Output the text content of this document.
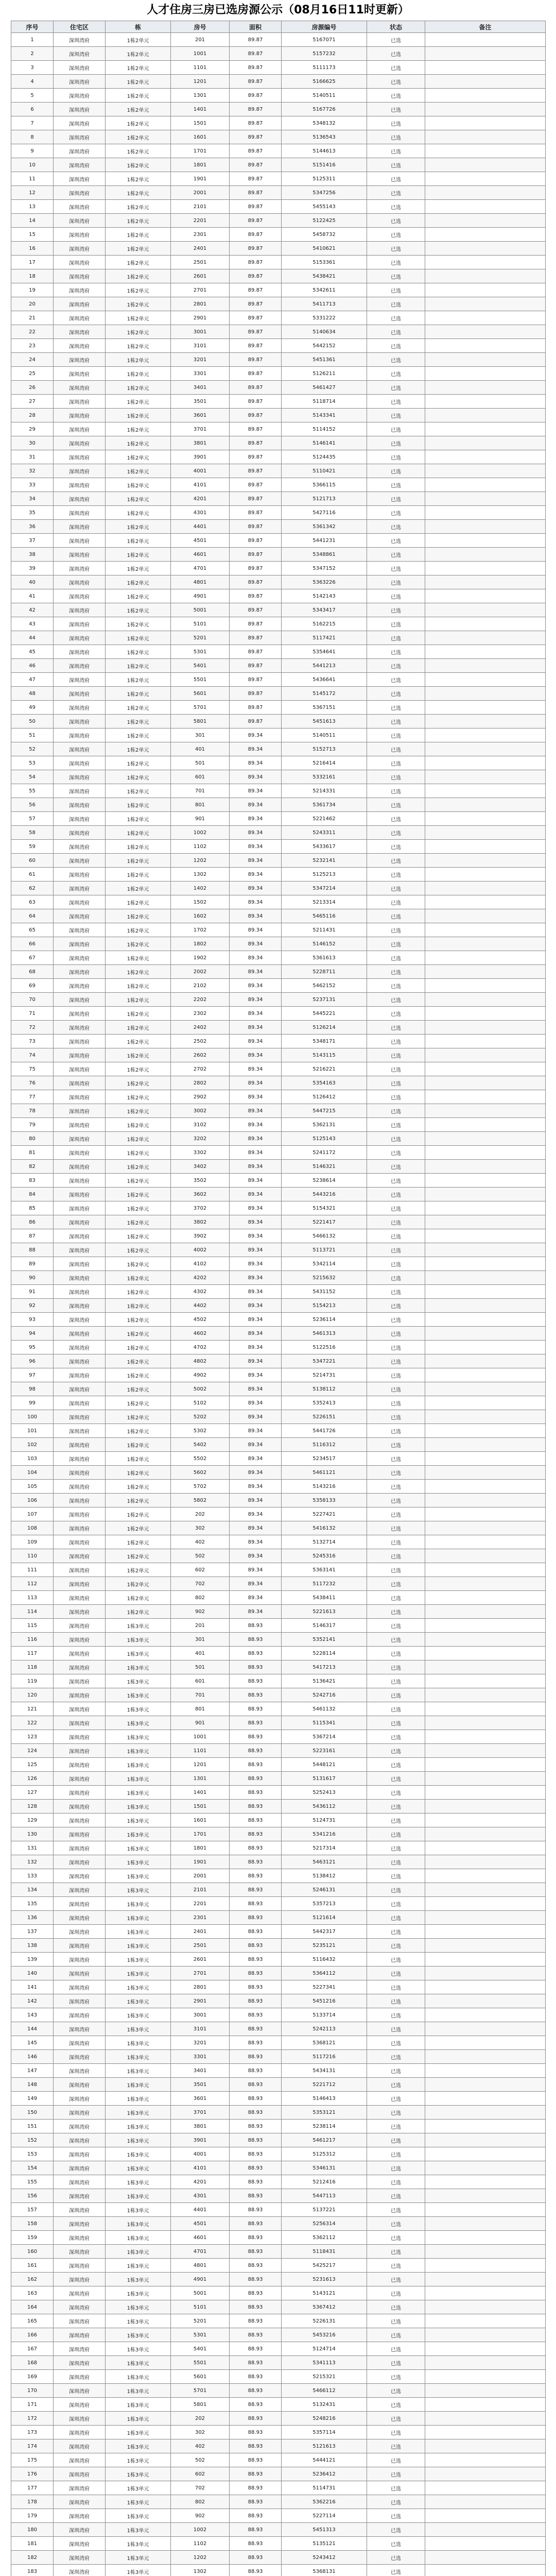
人才住房三房已选房源公示（08月16日11时更新）
序号	住宅区	栋	房号	面积	房源编号	状态	备注
1	深圳湾府	1栋2单元	201	89.87	5167071	已选	
2	深圳湾府	1栋2单元	1001	89.87	5157232	已选	
3	深圳湾府	1栋2单元	1101	89.87	5111173	已选	
4	深圳湾府	1栋2单元	1201	89.87	5166625	已选	
5	深圳湾府	1栋2单元	1301	89.87	5140511	已选	
6	深圳湾府	1栋2单元	1401	89.87	5167726	已选	
7	深圳湾府	1栋2单元	1501	89.87	5348132	已选	
8	深圳湾府	1栋2单元	1601	89.87	5136543	已选	
9	深圳湾府	1栋2单元	1701	89.87	5144613	已选	
10	深圳湾府	1栋2单元	1801	89.87	5151416	已选	
11	深圳湾府	1栋2单元	1901	89.87	5125311	已选	
12	深圳湾府	1栋2单元	2001	89.87	5347256	已选	
13	深圳湾府	1栋2单元	2101	89.87	5455143	已选	
14	深圳湾府	1栋2单元	2201	89.87	5122425	已选	
15	深圳湾府	1栋2单元	2301	89.87	5458732	已选	
16	深圳湾府	1栋2单元	2401	89.87	5410621	已选	
17	深圳湾府	1栋2单元	2501	89.87	5153361	已选	
18	深圳湾府	1栋2单元	2601	89.87	5438421	已选	
19	深圳湾府	1栋2单元	2701	89.87	5342611	已选	
20	深圳湾府	1栋2单元	2801	89.87	5411713	已选	
21	深圳湾府	1栋2单元	2901	89.87	5331222	已选	
22	深圳湾府	1栋2单元	3001	89.87	5140634	已选	
23	深圳湾府	1栋2单元	3101	89.87	5442152	已选	
24	深圳湾府	1栋2单元	3201	89.87	5451361	已选	
25	深圳湾府	1栋2单元	3301	89.87	5126211	已选	
26	深圳湾府	1栋2单元	3401	89.87	5461427	已选	
27	深圳湾府	1栋2单元	3501	89.87	5118714	已选	
28	深圳湾府	1栋2单元	3601	89.87	5143341	已选	
29	深圳湾府	1栋2单元	3701	89.87	5114152	已选	
30	深圳湾府	1栋2单元	3801	89.87	5146141	已选	
31	深圳湾府	1栋2单元	3901	89.87	5124435	已选	
32	深圳湾府	1栋2单元	4001	89.87	5110421	已选	
33	深圳湾府	1栋2单元	4101	89.87	5366115	已选	
34	深圳湾府	1栋2单元	4201	89.87	5121713	已选	
35	深圳湾府	1栋2单元	4301	89.87	5427116	已选	
36	深圳湾府	1栋2单元	4401	89.87	5361342	已选	
37	深圳湾府	1栋2单元	4501	89.87	5441231	已选	
38	深圳湾府	1栋2单元	4601	89.87	5348861	已选	
39	深圳湾府	1栋2单元	4701	89.87	5347152	已选	
40	深圳湾府	1栋2单元	4801	89.87	5363226	已选	
41	深圳湾府	1栋2单元	4901	89.87	5142143	已选	
42	深圳湾府	1栋2单元	5001	89.87	5343417	已选	
43	深圳湾府	1栋2单元	5101	89.87	5162215	已选	
44	深圳湾府	1栋2单元	5201	89.87	5117421	已选	
45	深圳湾府	1栋2单元	5301	89.87	5354641	已选	
46	深圳湾府	1栋2单元	5401	89.87	5441213	已选	
47	深圳湾府	1栋2单元	5501	89.87	5436641	已选	
48	深圳湾府	1栋2单元	5601	89.87	5145172	已选	
49	深圳湾府	1栋2单元	5701	89.87	5367151	已选	
50	深圳湾府	1栋2单元	5801	89.87	5451613	已选	
51	深圳湾府	1栋2单元	301	89.34	5140511	已选	
52	深圳湾府	1栋2单元	401	89.34	5152713	已选	
53	深圳湾府	1栋2单元	501	89.34	5216414	已选	
54	深圳湾府	1栋2单元	601	89.34	5332161	已选	
55	深圳湾府	1栋2单元	701	89.34	5214331	已选	
56	深圳湾府	1栋2单元	801	89.34	5361734	已选	
57	深圳湾府	1栋2单元	901	89.34	5221462	已选	
58	深圳湾府	1栋2单元	1002	89.34	5243311	已选	
59	深圳湾府	1栋2单元	1102	89.34	5433617	已选	
60	深圳湾府	1栋2单元	1202	89.34	5232141	已选	
61	深圳湾府	1栋2单元	1302	89.34	5125213	已选	
62	深圳湾府	1栋2单元	1402	89.34	5347214	已选	
63	深圳湾府	1栋2单元	1502	89.34	5213314	已选	
64	深圳湾府	1栋2单元	1602	89.34	5465116	已选	
65	深圳湾府	1栋2单元	1702	89.34	5211431	已选	
66	深圳湾府	1栋2单元	1802	89.34	5146152	已选	
67	深圳湾府	1栋2单元	1902	89.34	5361613	已选	
68	深圳湾府	1栋2单元	2002	89.34	5228711	已选	
69	深圳湾府	1栋2单元	2102	89.34	5462152	已选	
70	深圳湾府	1栋2单元	2202	89.34	5237131	已选	
71	深圳湾府	1栋2单元	2302	89.34	5445221	已选	
72	深圳湾府	1栋2单元	2402	89.34	5126214	已选	
73	深圳湾府	1栋2单元	2502	89.34	5348171	已选	
74	深圳湾府	1栋2单元	2602	89.34	5143115	已选	
75	深圳湾府	1栋2单元	2702	89.34	5216221	已选	
76	深圳湾府	1栋2单元	2802	89.34	5354163	已选	
77	深圳湾府	1栋2单元	2902	89.34	5126412	已选	
78	深圳湾府	1栋2单元	3002	89.34	5447215	已选	
79	深圳湾府	1栋2单元	3102	89.34	5362131	已选	
80	深圳湾府	1栋2单元	3202	89.34	5125143	已选	
81	深圳湾府	1栋2单元	3302	89.34	5241172	已选	
82	深圳湾府	1栋2单元	3402	89.34	5146321	已选	
83	深圳湾府	1栋2单元	3502	89.34	5238614	已选	
84	深圳湾府	1栋2单元	3602	89.34	5443216	已选	
85	深圳湾府	1栋2单元	3702	89.34	5154321	已选	
86	深圳湾府	1栋2单元	3802	89.34	5221417	已选	
87	深圳湾府	1栋2单元	3902	89.34	5466132	已选	
88	深圳湾府	1栋2单元	4002	89.34	5113721	已选	
89	深圳湾府	1栋2单元	4102	89.34	5342114	已选	
90	深圳湾府	1栋2单元	4202	89.34	5215632	已选	
91	深圳湾府	1栋2单元	4302	89.34	5431152	已选	
92	深圳湾府	1栋2单元	4402	89.34	5154213	已选	
93	深圳湾府	1栋2单元	4502	89.34	5236114	已选	
94	深圳湾府	1栋2单元	4602	89.34	5461313	已选	
95	深圳湾府	1栋2单元	4702	89.34	5122516	已选	
96	深圳湾府	1栋2单元	4802	89.34	5347221	已选	
97	深圳湾府	1栋2单元	4902	89.34	5214731	已选	
98	深圳湾府	1栋2单元	5002	89.34	5138112	已选	
99	深圳湾府	1栋2单元	5102	89.34	5352413	已选	
100	深圳湾府	1栋2单元	5202	89.34	5226151	已选	
101	深圳湾府	1栋2单元	5302	89.34	5441726	已选	
102	深圳湾府	1栋2单元	5402	89.34	5116312	已选	
103	深圳湾府	1栋2单元	5502	89.34	5234517	已选	
104	深圳湾府	1栋2单元	5602	89.34	5461121	已选	
105	深圳湾府	1栋2单元	5702	89.34	5143216	已选	
106	深圳湾府	1栋2单元	5802	89.34	5358133	已选	
107	深圳湾府	1栋2单元	202	89.34	5227421	已选	
108	深圳湾府	1栋2单元	302	89.34	5416132	已选	
109	深圳湾府	1栋2单元	402	89.34	5132714	已选	
110	深圳湾府	1栋2单元	502	89.34	5245316	已选	
111	深圳湾府	1栋2单元	602	89.34	5363141	已选	
112	深圳湾府	1栋2单元	702	89.34	5117232	已选	
113	深圳湾府	1栋2单元	802	89.34	5438411	已选	
114	深圳湾府	1栋2单元	902	89.34	5221613	已选	
115	深圳湾府	1栋3单元	201	88.93	5146317	已选	
116	深圳湾府	1栋3单元	301	88.93	5352141	已选	
117	深圳湾府	1栋3单元	401	88.93	5228114	已选	
118	深圳湾府	1栋3单元	501	88.93	5417213	已选	
119	深圳湾府	1栋3单元	601	88.93	5136421	已选	
120	深圳湾府	1栋3单元	701	88.93	5242716	已选	
121	深圳湾府	1栋3单元	801	88.93	5461132	已选	
122	深圳湾府	1栋3单元	901	88.93	5115341	已选	
123	深圳湾府	1栋3单元	1001	88.93	5367214	已选	
124	深圳湾府	1栋3单元	1101	88.93	5223161	已选	
125	深圳湾府	1栋3单元	1201	88.93	5448121	已选	
126	深圳湾府	1栋3单元	1301	88.93	5131617	已选	
127	深圳湾府	1栋3单元	1401	88.93	5252413	已选	
128	深圳湾府	1栋3单元	1501	88.93	5436112	已选	
129	深圳湾府	1栋3单元	1601	88.93	5124731	已选	
130	深圳湾府	1栋3单元	1701	88.93	5341216	已选	
131	深圳湾府	1栋3单元	1801	88.93	5217314	已选	
132	深圳湾府	1栋3单元	1901	88.93	5463121	已选	
133	深圳湾府	1栋3单元	2001	88.93	5138412	已选	
134	深圳湾府	1栋3单元	2101	88.93	5246131	已选	
135	深圳湾府	1栋3单元	2201	88.93	5357213	已选	
136	深圳湾府	1栋3单元	2301	88.93	5121614	已选	
137	深圳湾府	1栋3单元	2401	88.93	5442317	已选	
138	深圳湾府	1栋3单元	2501	88.93	5235121	已选	
139	深圳湾府	1栋3单元	2601	88.93	5116432	已选	
140	深圳湾府	1栋3单元	2701	88.93	5364112	已选	
141	深圳湾府	1栋3单元	2801	88.93	5227341	已选	
142	深圳湾府	1栋3单元	2901	88.93	5451216	已选	
143	深圳湾府	1栋3单元	3001	88.93	5133714	已选	
144	深圳湾府	1栋3单元	3101	88.93	5242113	已选	
145	深圳湾府	1栋3单元	3201	88.93	5368121	已选	
146	深圳湾府	1栋3单元	3301	88.93	5117216	已选	
147	深圳湾府	1栋3单元	3401	88.93	5434131	已选	
148	深圳湾府	1栋3单元	3501	88.93	5221712	已选	
149	深圳湾府	1栋3单元	3601	88.93	5146413	已选	
150	深圳湾府	1栋3单元	3701	88.93	5353121	已选	
151	深圳湾府	1栋3单元	3801	88.93	5238114	已选	
152	深圳湾府	1栋3单元	3901	88.93	5461217	已选	
153	深圳湾府	1栋3单元	4001	88.93	5125312	已选	
154	深圳湾府	1栋3单元	4101	88.93	5346131	已选	
155	深圳湾府	1栋3单元	4201	88.93	5212416	已选	
156	深圳湾府	1栋3单元	4301	88.93	5447113	已选	
157	深圳湾府	1栋3单元	4401	88.93	5137221	已选	
158	深圳湾府	1栋3单元	4501	88.93	5256314	已选	
159	深圳湾府	1栋3单元	4601	88.93	5362112	已选	
160	深圳湾府	1栋3单元	4701	88.93	5118431	已选	
161	深圳湾府	1栋3单元	4801	88.93	5425217	已选	
162	深圳湾府	1栋3单元	4901	88.93	5231613	已选	
163	深圳湾府	1栋3单元	5001	88.93	5143121	已选	
164	深圳湾府	1栋3单元	5101	88.93	5367412	已选	
165	深圳湾府	1栋3单元	5201	88.93	5226131	已选	
166	深圳湾府	1栋3单元	5301	88.93	5453216	已选	
167	深圳湾府	1栋3单元	5401	88.93	5124714	已选	
168	深圳湾府	1栋3单元	5501	88.93	5341113	已选	
169	深圳湾府	1栋3单元	5601	88.93	5215321	已选	
170	深圳湾府	1栋3单元	5701	88.93	5466112	已选	
171	深圳湾府	1栋3单元	5801	88.93	5132431	已选	
172	深圳湾府	1栋3单元	202	88.93	5248216	已选	
173	深圳湾府	1栋3单元	302	88.93	5357114	已选	
174	深圳湾府	1栋3单元	402	88.93	5121613	已选	
175	深圳湾府	1栋3单元	502	88.93	5444121	已选	
176	深圳湾府	1栋3单元	602	88.93	5236412	已选	
177	深圳湾府	1栋3单元	702	88.93	5114731	已选	
178	深圳湾府	1栋3单元	802	88.93	5362216	已选	
179	深圳湾府	1栋3单元	902	88.93	5227114	已选	
180	深圳湾府	1栋3单元	1002	88.93	5451313	已选	
181	深圳湾府	1栋3单元	1102	88.93	5135121	已选	
182	深圳湾府	1栋3单元	1202	88.93	5243412	已选	
183	深圳湾府	1栋3单元	1302	88.93	5368131	已选	
